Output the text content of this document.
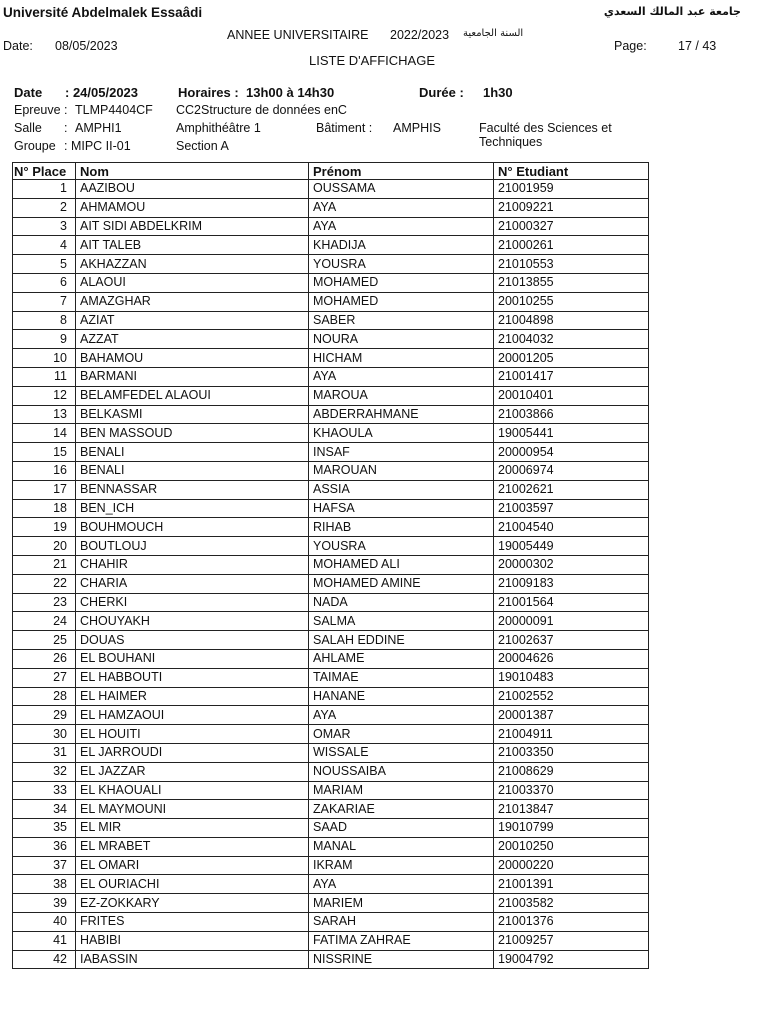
Université Abdelmalek Essaâdi	جامعة عبد المالك السعدي
ANNEE UNIVERSITAIRE 2022/2023 السنة الجامعية
Date: 08/05/2023	Page:	17 / 43
LISTE D'AFFICHAGE
Date : 24/05/2023	Horaires : 13h00 à 14h30	Durée : 1h30
Epreuve : TLMP4404CF CC2Structure de données enC
Salle : AMPHI1	Amphithéâtre 1	Bâtiment : AMPHIS	Faculté des Sciences et
Techniques
Groupe : MIPC II-01	Section A
N° Place	Nom	Prénom	N° Etudiant
1	AAZIBOU	OUSSAMA	21001959
2	AHMAMOU	AYA	21009221
3	AIT SIDI ABDELKRIM	AYA	21000327
4	AIT TALEB	KHADIJA	21000261
5	AKHAZZAN	YOUSRA	21010553
6	ALAOUI	MOHAMED	21013855
7	AMAZGHAR	MOHAMED	20010255
8	AZIAT	SABER	21004898
9	AZZAT	NOURA	21004032
10	BAHAMOU	HICHAM	20001205
11	BARMANI	AYA	21001417
12	BELAMFEDEL ALAOUI	MAROUA	20010401
13	BELKASMI	ABDERRAHMANE	21003866
14	BEN MASSOUD	KHAOULA	19005441
15	BENALI	INSAF	20000954
16	BENALI	MAROUAN	20006974
17	BENNASSAR	ASSIA	21002621
18	BEN_ICH	HAFSA	21003597
19	BOUHMOUCH	RIHAB	21004540
20	BOUTLOUJ	YOUSRA	19005449
21	CHAHIR	MOHAMED ALI	20000302
22	CHARIA	MOHAMED AMINE	21009183
23	CHERKI	NADA	21001564
24	CHOUYAKH	SALMA	20000091
25	DOUAS	SALAH EDDINE	21002637
26	EL BOUHANI	AHLAME	20004626
27	EL HABBOUTI	TAIMAE	19010483
28	EL HAIMER	HANANE	21002552
29	EL HAMZAOUI	AYA	20001387
30	EL HOUITI	OMAR	21004911
31	EL JARROUDI	WISSALE	21003350
32	EL JAZZAR	NOUSSAIBA	21008629
33	EL KHAOUALI	MARIAM	21003370
34	EL MAYMOUNI	ZAKARIAE	21013847
35	EL MIR	SAAD	19010799
36	EL MRABET	MANAL	20010250
37	EL OMARI	IKRAM	20000220
38	EL OURIACHI	AYA	21001391
39	EZ-ZOKKARY	MARIEM	21003582
40	FRITES	SARAH	21001376
41	HABIBI	FATIMA ZAHRAE	21009257
42	IABASSIN	NISSRINE	19004792
